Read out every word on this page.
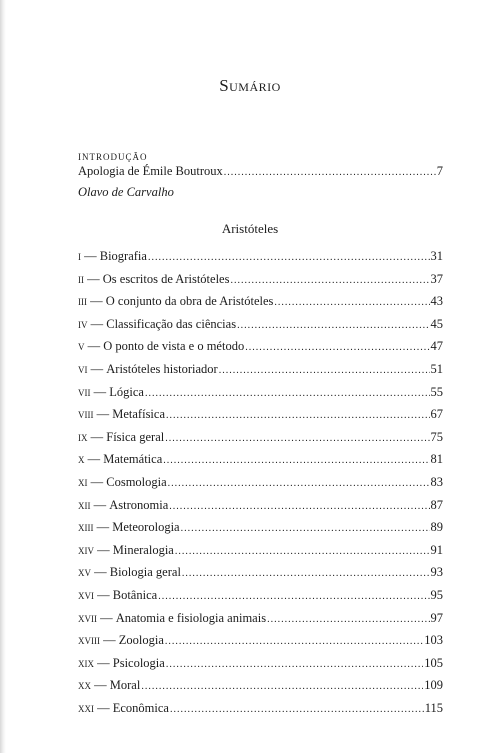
Sumário
INTRODUÇÃO
Apologia de Émile Boutroux .....	7
Olavo de Carvalho
Aristóteles
i — Biografia .....	31
ii — Os escritos de Aristóteles .....	37
iii — O conjunto da obra de Aristóteles .....	43
iv — Classificação das ciências .....	45
v — O ponto de vista e o método .....	47
vi — Aristóteles historiador .....	51
vii — Lógica .....	55
viii — Metafísica .....	67
ix — Física geral .....	75
x — Matemática .....	81
xi — Cosmologia .....	83
xii — Astronomia .....	87
xiii — Meteorologia .....	89
xiv — Mineralogia .....	91
xv — Biologia geral .....	93
xvi — Botânica .....	95
xvii — Anatomia e fisiologia animais .....	97
xviii — Zoologia .....	103
xix — Psicologia .....	105
xx — Moral .....	109
xxi — Econômica .....	115
